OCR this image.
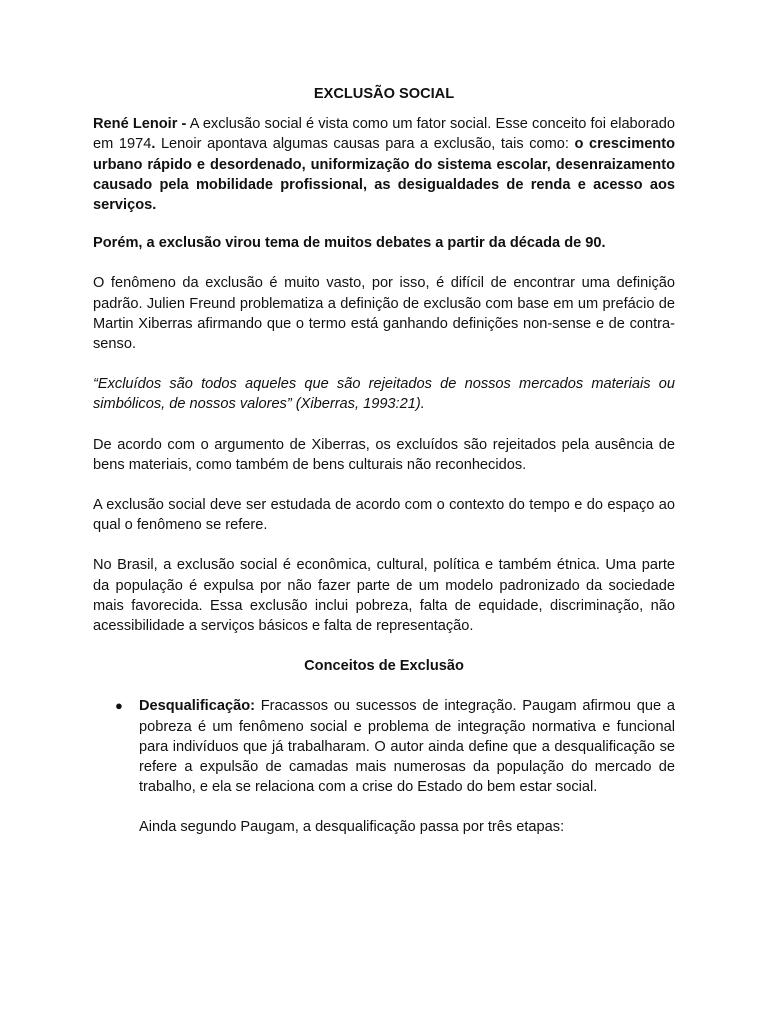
EXCLUSÃO SOCIAL

René Lenoir - A exclusão social é vista como um fator social. Esse conceito foi elaborado em 1974. Lenoir apontava algumas causas para a exclusão, tais como: o crescimento urbano rápido e desordenado, uniformização do sistema escolar, desenraizamento causado pela mobilidade profissional, as desigualdades de renda e acesso aos serviços.

Porém, a exclusão virou tema de muitos debates a partir da década de 90.

O fenômeno da exclusão é muito vasto, por isso, é difícil de encontrar uma definição padrão. Julien Freund problematiza a definição de exclusão com base em um prefácio de Martin Xiberras afirmando que o termo está ganhando definições non-sense e de contra-senso.

“Excluídos são todos aqueles que são rejeitados de nossos mercados materiais ou simbólicos, de nossos valores” (Xiberras, 1993:21).

De acordo com o argumento de Xiberras, os excluídos são rejeitados pela ausência de bens materiais, como também de bens culturais não reconhecidos.

A exclusão social deve ser estudada de acordo com o contexto do tempo e do espaço ao qual o fenômeno se refere.

No Brasil, a exclusão social é econômica, cultural, política e também étnica. Uma parte da população é expulsa por não fazer parte de um modelo padronizado da sociedade mais favorecida. Essa exclusão inclui pobreza, falta de equidade, discriminação, não acessibilidade a serviços básicos e falta de representação.

Conceitos de Exclusão
● Desqualificação: Fracassos ou sucessos de integração. Paugam afirmou que a pobreza é um fenômeno social e problema de integração normativa e funcional para indivíduos que já trabalharam. O autor ainda define que a desqualificação se refere a expulsão de camadas mais numerosas da população do mercado de trabalho, e ela se relaciona com a crise do Estado do bem estar social.

Ainda segundo Paugam, a desqualificação passa por três etapas:
